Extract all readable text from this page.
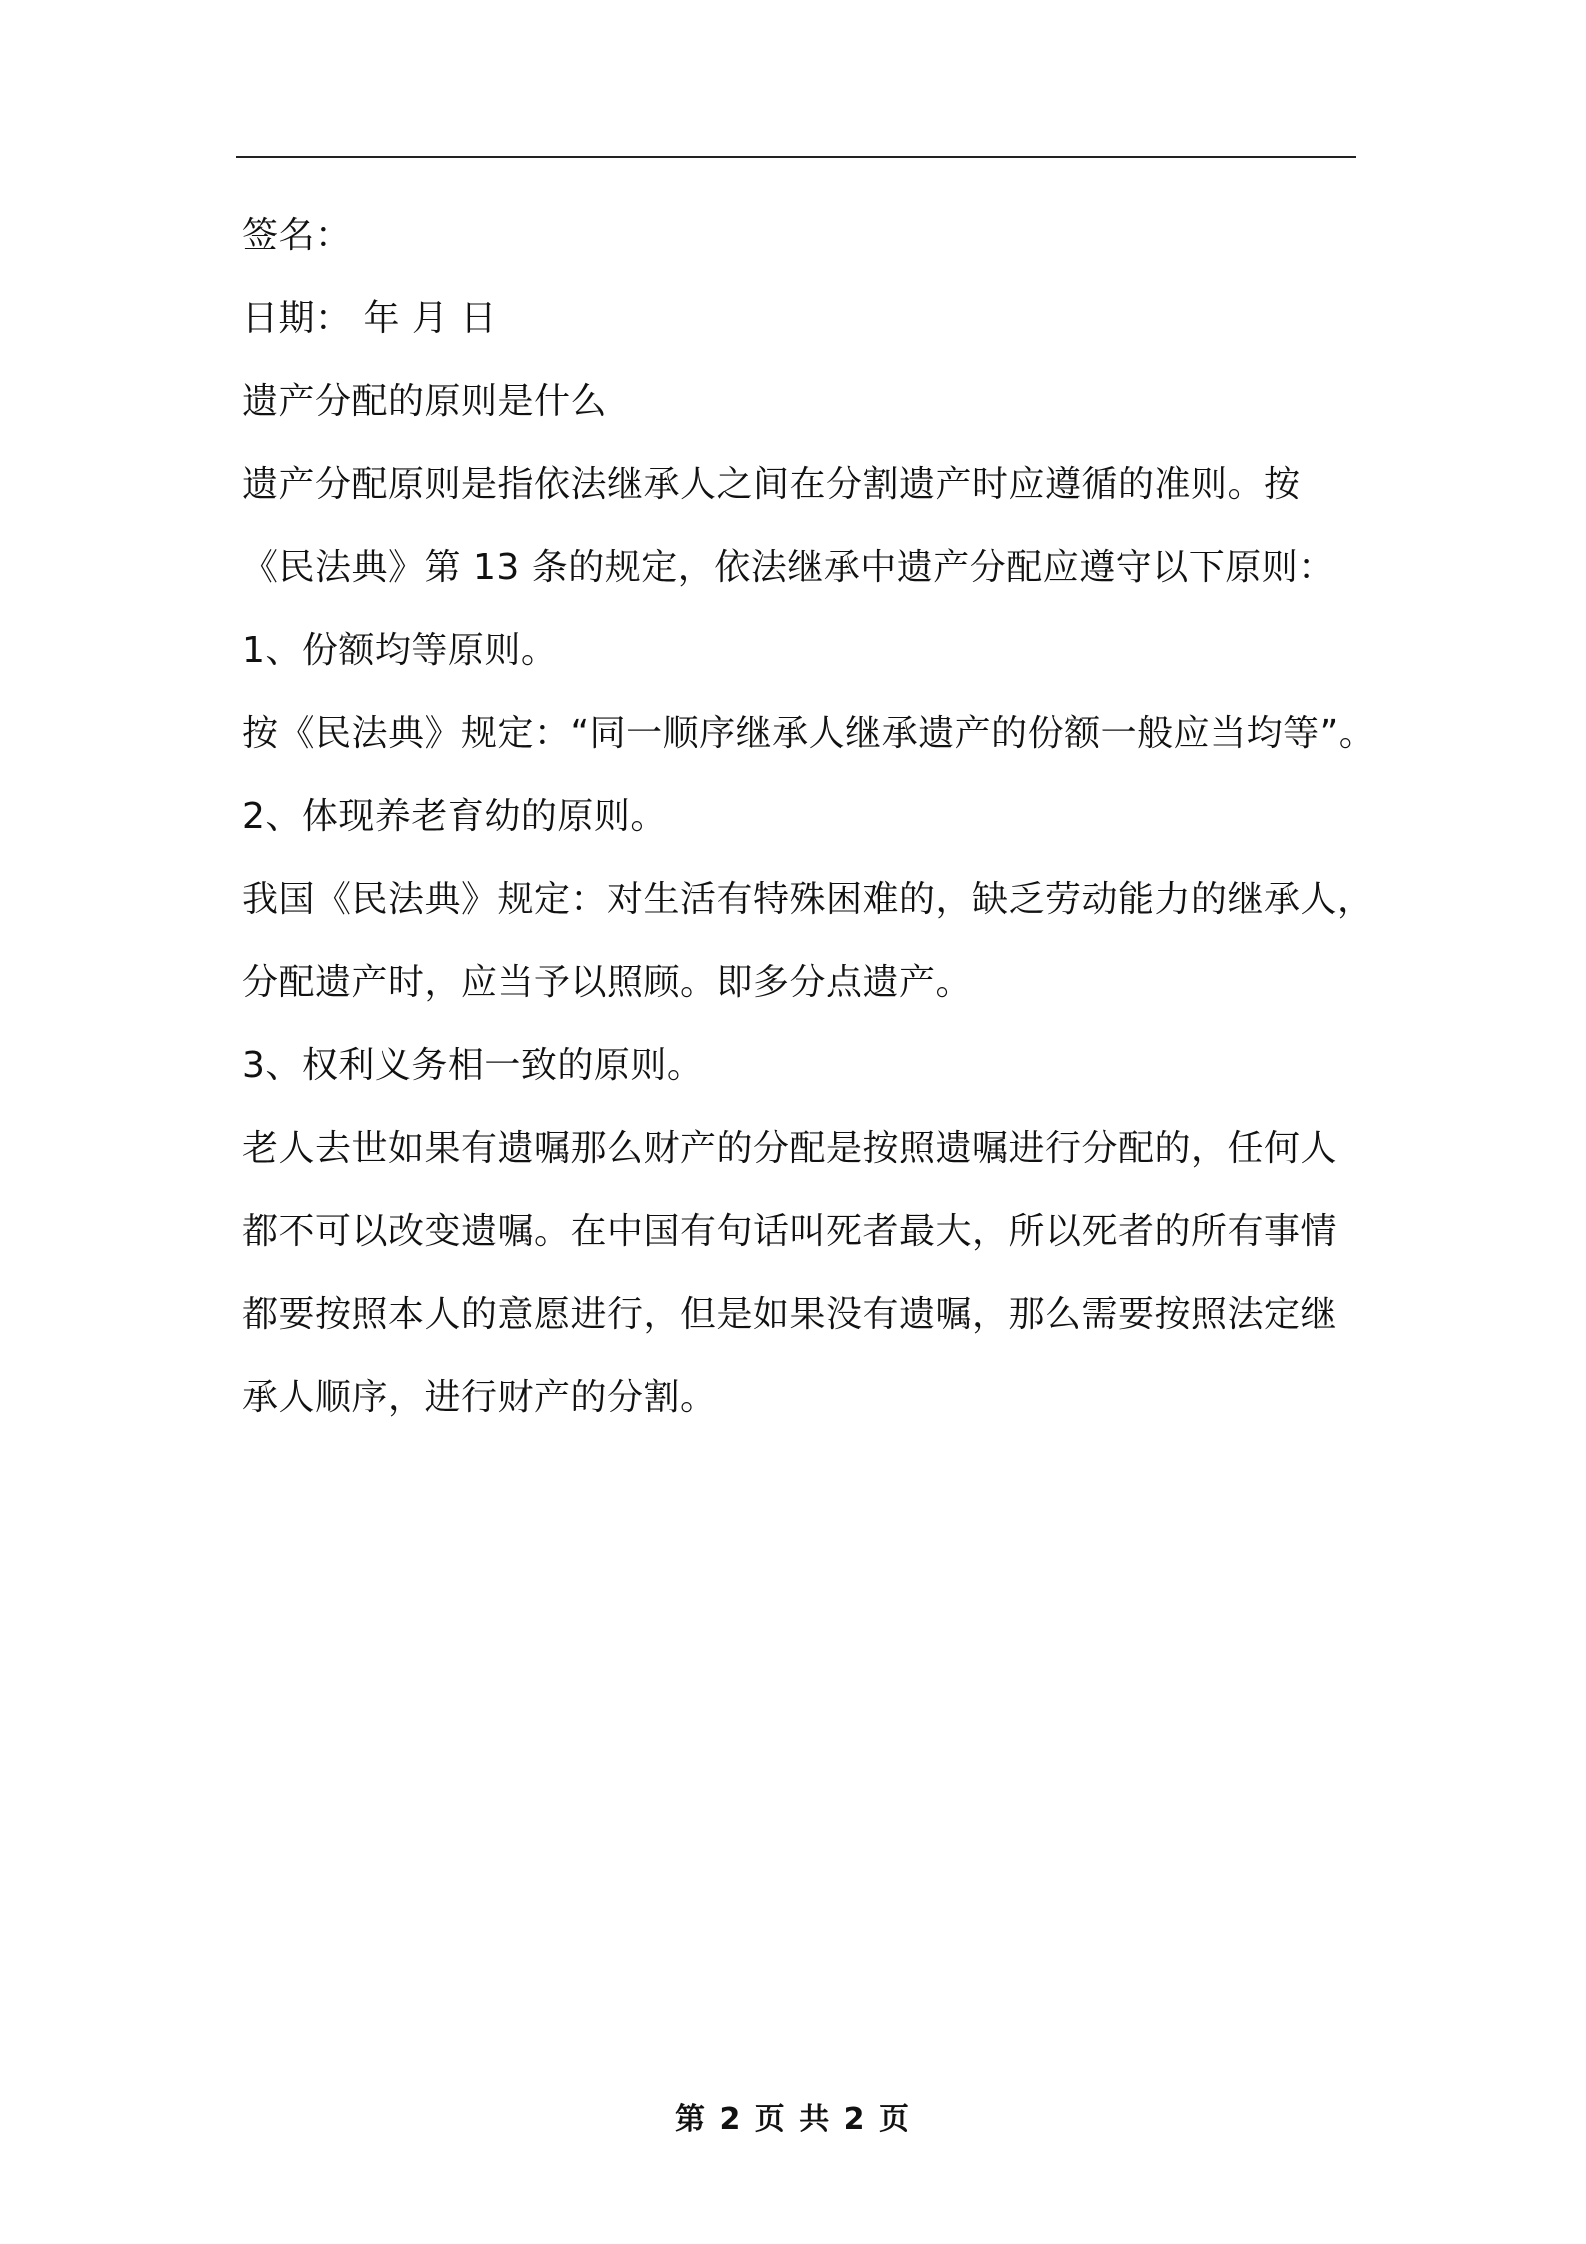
签名：
日期： 年 月 日
遗产分配的原则是什么
遗产分配原则是指依法继承人之间在分割遗产时应遵循的准则。按
《民法典》第 13 条的规定，依法继承中遗产分配应遵守以下原则：
1、份额均等原则。
按《民法典》规定：“同一顺序继承人继承遗产的份额一般应当均等”。
2、体现养老育幼的原则。
我国《民法典》规定：对生活有特殊困难的，缺乏劳动能力的继承人，
分配遗产时，应当予以照顾。即多分点遗产。
3、权利义务相一致的原则。
老人去世如果有遗嘱那么财产的分配是按照遗嘱进行分配的，任何人
都不可以改变遗嘱。在中国有句话叫死者最大，所以死者的所有事情
都要按照本人的意愿进行，但是如果没有遗嘱，那么需要按照法定继
承人顺序，进行财产的分割。
第 2 页 共 2 页
